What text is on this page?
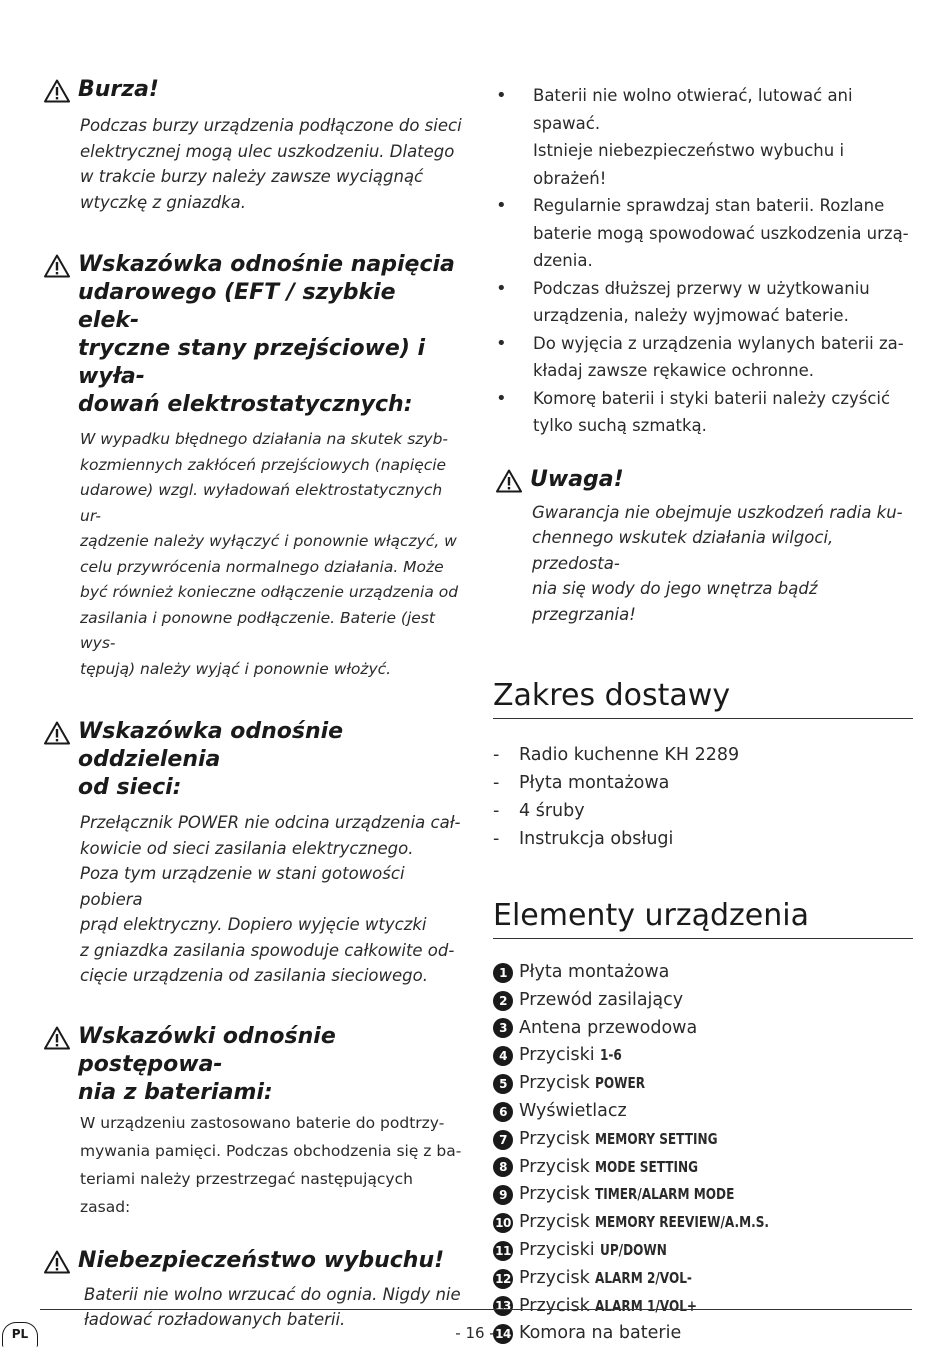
Burza!

Podczas burzy urządzenia podłączone do sieci

elektrycznej mogą ulec uszkodzeniu. Dlatego

w trakcie burzy należy zawsze wyciągnąć

wtyczkę z gniazdka.

Wskazówka odnośnie napięcia
udarowego (EFT / szybkie elek-
tryczne stany przejściowe) i wyła-
dowań elektrostatycznych:

W wypadku błędnego działania na skutek szyb-

kozmiennych zakłóceń przejściowych (napięcie

udarowe) wzgl. wyładowań elektrostatycznych ur-

ządzenie należy wyłączyć i ponownie włączyć, w

celu przywrócenia normalnego działania. Może

być również konieczne odłączenie urządzenia od

zasilania i ponowne podłączenie. Baterie (jest wys-

tępują) należy wyjąć i ponownie włożyć.

Wskazówka odnośnie oddzielenia
od sieci:

Przełącznik POWER nie odcina urządzenia cał-

kowicie od sieci zasilania elektrycznego.

Poza tym urządzenie w stani gotowości pobiera

prąd elektryczny. Dopiero wyjęcie wtyczki

z gniazdka zasilania spowoduje całkowite od-

cięcie urządzenia od zasilania sieciowego.

Wskazówki odnośnie postępowa-
nia z bateriami:

W urządzeniu zastosowano baterie do podtrzy-

mywania pamięci. Podczas obchodzenia się z ba-

teriami należy przestrzegać następujących zasad:

Niebezpieczeństwo wybuchu!

Baterii nie wolno wrzucać do ognia. Nigdy nie

ładować rozładowanych baterii.

• Baterii nie wolno otwierać, lutować ani spawać.
Istnieje niebezpieczeństwo wybuchu i obrażeń!
• Regularnie sprawdzaj stan baterii. Rozlane
baterie mogą spowodować uszkodzenia urzą-
dzenia.
• Podczas dłuższej przerwy w użytkowaniu
urządzenia, należy wyjmować baterie.
• Do wyjęcia z urządzenia wylanych baterii za-
kładaj zawsze rękawice ochronne.
• Komorę baterii i styki baterii należy czyścić
tylko suchą szmatką.
Uwaga!

Gwarancja nie obejmuje uszkodzeń radia ku-

chennego wskutek działania wilgoci, przedosta-

nia się wody do jego wnętrza bądź przegrzania!

Zakres dostawy
- Radio kuchenne KH 2289
- Płyta montażowa
- 4 śruby
- Instrukcja obsługi
Elementy urządzenia
1 Płyta montażowa
2 Przewód zasilający
3 Antena przewodowa
4 Przyciski 1-6
5 Przycisk POWER
6 Wyświetlacz
7 Przycisk MEMORY SETTING
8 Przycisk MODE SETTING
9 Przycisk TIMER/ALARM MODE
10 Przycisk MEMORY REEVIEW/A.M.S.
11 Przyciski UP/DOWN
12 Przycisk ALARM 2/VOL-
13 Przycisk ALARM 1/VOL+
14 Komora na baterie
PL	- 16 -
